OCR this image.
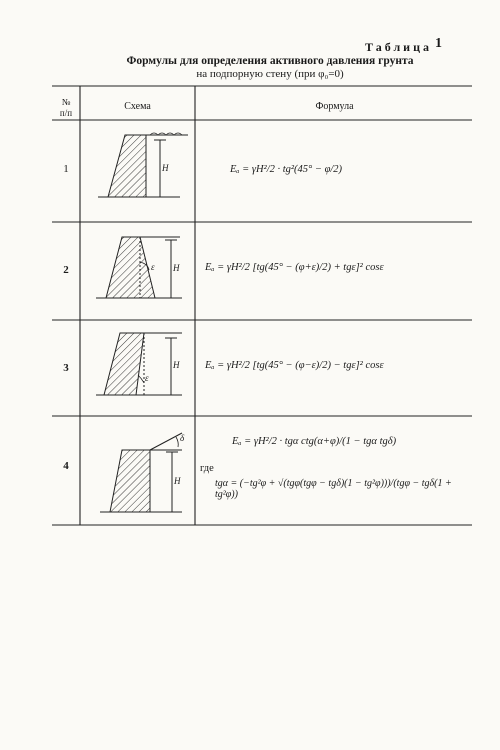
Таблица 1
Формулы для определения активного давления грунта
на подпорную стену (при φ₀=0)
№
п/п
Схема	Формула
1
2
3
4
H
H
ε
H
ε
H
δ
Eₐ = γH²/2 · tg²(45° − φ/2)
Eₐ = γH²/2 [tg(45° − (φ+ε)/2) + tgε]² cosε
Eₐ = γH²/2 [tg(45° − (φ−ε)/2) − tgε]² cosε
Eₐ = γH²/2 · tgα ctg(α+φ)/(1 − tgα tgδ)
где
tgα = (−tg²φ + √(tgφ(tgφ − tgδ)(1 − tg²φ)))/(tgφ − tgδ(1 + tg²φ))
